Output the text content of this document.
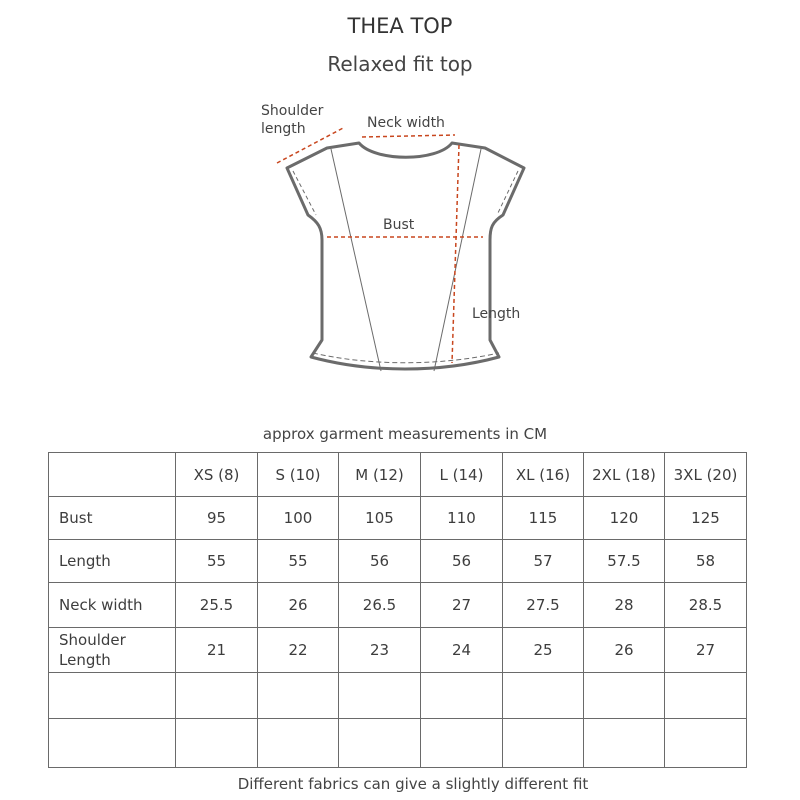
THEA TOP
Relaxed fit top
Shoulder
length	Neck width
Bust
Length
approx garment measurements in CM
	XS (8)	S (10)	M (12)	L (14)	XL (16)	2XL (18)	3XL (20)
Bust	95	100	105	110	115	120	125
Length	55	55	56	56	57	57.5	58
Neck width	25.5	26	26.5	27	27.5	28	28.5

Shoulder
Length	21	22	23	24	25	26	27

Different fabrics can give a slightly different fit
